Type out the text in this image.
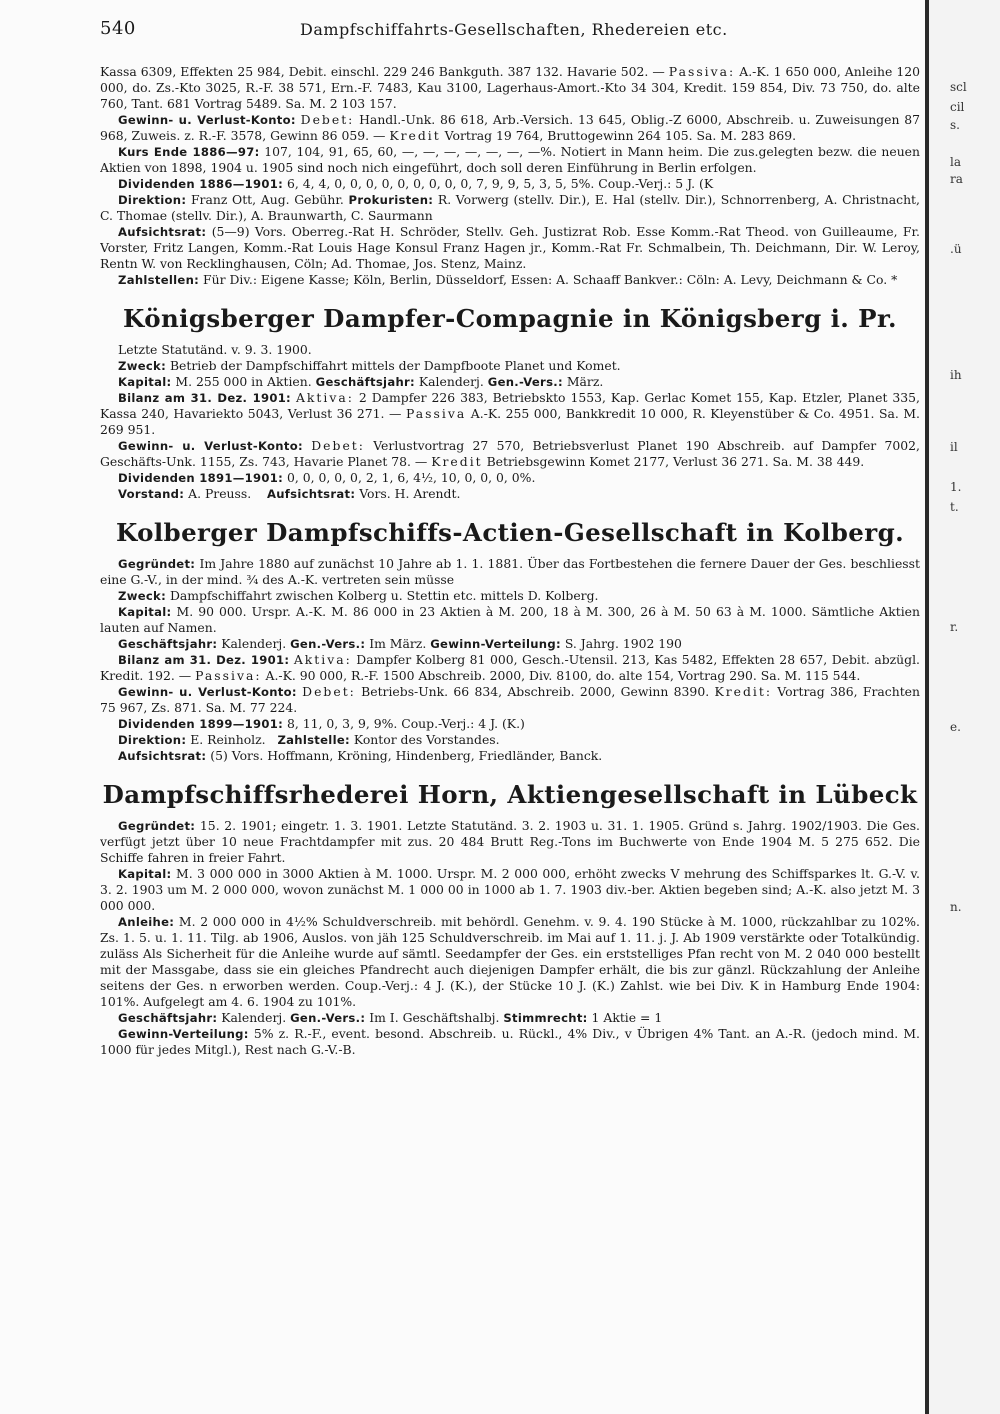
540	Dampfschiffahrts-Gesellschaften, Rhedereien etc.

Kassa 6309, Effekten 25 984, Debit. einschl. 229 246 Bankguth. 387 132. Havarie 502. — Passiva: A.-K. 1 650 000, Anleihe 120 000, do. Zs.-Kto 3025, R.-F. 38 571, Ern.-F. 7483, Kau 3100, Lagerhaus-Amort.-Kto 34 304, Kredit. 159 854, Div. 73 750, do. alte 760, Tant. 681 Vortrag 5489. Sa. M. 2 103 157.

Gewinn- u. Verlust-Konto: Debet: Handl.-Unk. 86 618, Arb.-Versich. 13 645, Oblig.-Z 6000, Abschreib. u. Zuweisungen 87 968, Zuweis. z. R.-F. 3578, Gewinn 86 059. — Kredit Vortrag 19 764, Bruttogewinn 264 105. Sa. M. 283 869.

Kurs Ende 1886—97: 107, 104, 91, 65, 60, —, —, —, —, —, —, —%. Notiert in Mann heim. Die zus.gelegten bezw. die neuen Aktien von 1898, 1904 u. 1905 sind noch nich eingeführt, doch soll deren Einführung in Berlin erfolgen.

Dividenden 1886—1901: 6, 4, 4, 0, 0, 0, 0, 0, 0, 0, 0, 0, 7, 9, 9, 5, 3, 5, 5%. Coup.-Verj.: 5 J. (K

Direktion: Franz Ott, Aug. Gebühr. Prokuristen: R. Vorwerg (stellv. Dir.), E. Hal (stellv. Dir.), Schnorrenberg, A. Christnacht, C. Thomae (stellv. Dir.), A. Braunwarth, C. Saurmann

Aufsichtsrat: (5—9) Vors. Oberreg.-Rat H. Schröder, Stellv. Geh. Justizrat Rob. Esse Komm.-Rat Theod. von Guilleaume, Fr. Vorster, Fritz Langen, Komm.-Rat Louis Hage Konsul Franz Hagen jr., Komm.-Rat Fr. Schmalbein, Th. Deichmann, Dir. W. Leroy, Rentn W. von Recklinghausen, Cöln; Ad. Thomae, Jos. Stenz, Mainz.

Zahlstellen: Für Div.: Eigene Kasse; Köln, Berlin, Düsseldorf, Essen: A. Schaaff Bankver.: Cöln: A. Levy, Deichmann & Co. *

Königsberger Dampfer-Compagnie in Königsberg i. Pr.

Letzte Statutänd. v. 9. 3. 1900.

Zweck: Betrieb der Dampfschiffahrt mittels der Dampfboote Planet und Komet.

Kapital: M. 255 000 in Aktien. Geschäftsjahr: Kalenderj. Gen.-Vers.: März.

Bilanz am 31. Dez. 1901: Aktiva: 2 Dampfer 226 383, Betriebskto 1553, Kap. Gerlac Komet 155, Kap. Etzler, Planet 335, Kassa 240, Havariekto 5043, Verlust 36 271. — Passiva A.-K. 255 000, Bankkredit 10 000, R. Kleyenstüber & Co. 4951. Sa. M. 269 951.

Gewinn- u. Verlust-Konto: Debet: Verlustvortrag 27 570, Betriebsverlust Planet 190 Abschreib. auf Dampfer 7002, Geschäfts-Unk. 1155, Zs. 743, Havarie Planet 78. — Kredit Betriebsgewinn Komet 2177, Verlust 36 271. Sa. M. 38 449.

Dividenden 1891—1901: 0, 0, 0, 0, 0, 2, 1, 6, 4½, 10, 0, 0, 0, 0%.

Vorstand: A. Preuss. Aufsichtsrat: Vors. H. Arendt.

Kolberger Dampfschiffs-Actien-Gesellschaft in Kolberg.

Gegründet: Im Jahre 1880 auf zunächst 10 Jahre ab 1. 1. 1881. Über das Fortbestehen die fernere Dauer der Ges. beschliesst eine G.-V., in der mind. ¾ des A.-K. vertreten sein müsse

Zweck: Dampfschiffahrt zwischen Kolberg u. Stettin etc. mittels D. Kolberg.

Kapital: M. 90 000. Urspr. A.-K. M. 86 000 in 23 Aktien à M. 200, 18 à M. 300, 26 à M. 50 63 à M. 1000. Sämtliche Aktien lauten auf Namen.

Geschäftsjahr: Kalenderj. Gen.-Vers.: Im März. Gewinn-Verteilung: S. Jahrg. 1902 190

Bilanz am 31. Dez. 1901: Aktiva: Dampfer Kolberg 81 000, Gesch.-Utensil. 213, Kas 5482, Effekten 28 657, Debit. abzügl. Kredit. 192. — Passiva: A.-K. 90 000, R.-F. 1500 Abschreib. 2000, Div. 8100, do. alte 154, Vortrag 290. Sa. M. 115 544.

Gewinn- u. Verlust-Konto: Debet: Betriebs-Unk. 66 834, Abschreib. 2000, Gewinn 8390. Kredit: Vortrag 386, Frachten 75 967, Zs. 871. Sa. M. 77 224.

Dividenden 1899—1901: 8, 11, 0, 3, 9, 9%. Coup.-Verj.: 4 J. (K.)

Direktion: E. Reinholz. Zahlstelle: Kontor des Vorstandes.

Aufsichtsrat: (5) Vors. Hoffmann, Kröning, Hindenberg, Friedländer, Banck.

Dampfschiffsrhederei Horn, Aktiengesellschaft in Lübeck

Gegründet: 15. 2. 1901; eingetr. 1. 3. 1901. Letzte Statutänd. 3. 2. 1903 u. 31. 1. 1905. Gründ s. Jahrg. 1902/1903. Die Ges. verfügt jetzt über 10 neue Frachtdampfer mit zus. 20 484 Brutt Reg.-Tons im Buchwerte von Ende 1904 M. 5 275 652. Die Schiffe fahren in freier Fahrt.

Kapital: M. 3 000 000 in 3000 Aktien à M. 1000. Urspr. M. 2 000 000, erhöht zwecks V mehrung des Schiffsparkes lt. G.-V. v. 3. 2. 1903 um M. 2 000 000, wovon zunächst M. 1 000 00 in 1000 ab 1. 7. 1903 div.-ber. Aktien begeben sind; A.-K. also jetzt M. 3 000 000.

Anleihe: M. 2 000 000 in 4½% Schuldverschreib. mit behördl. Genehm. v. 9. 4. 190 Stücke à M. 1000, rückzahlbar zu 102%. Zs. 1. 5. u. 1. 11. Tilg. ab 1906, Auslos. von jäh 125 Schuldverschreib. im Mai auf 1. 11. j. J. Ab 1909 verstärkte oder Totalkündig. zuläss Als Sicherheit für die Anleihe wurde auf sämtl. Seedampfer der Ges. ein erststelliges Pfan recht von M. 2 040 000 bestellt mit der Massgabe, dass sie ein gleiches Pfandrecht auch diejenigen Dampfer erhält, die bis zur gänzl. Rückzahlung der Anleihe seitens der Ges. n erworben werden. Coup.-Verj.: 4 J. (K.), der Stücke 10 J. (K.) Zahlst. wie bei Div. K in Hamburg Ende 1904: 101%. Aufgelegt am 4. 6. 1904 zu 101%.

Geschäftsjahr: Kalenderj. Gen.-Vers.: Im I. Geschäftshalbj. Stimmrecht: 1 Aktie = 1

Gewinn-Verteilung: 5% z. R.-F., event. besond. Abschreib. u. Rückl., 4% Div., v Übrigen 4% Tant. an A.-R. (jedoch mind. M. 1000 für jedes Mitgl.), Rest nach G.-V.-B.

scl
cil
s.
la
ra
.ü
ih
il
1.
t.
r.
e.
n.
